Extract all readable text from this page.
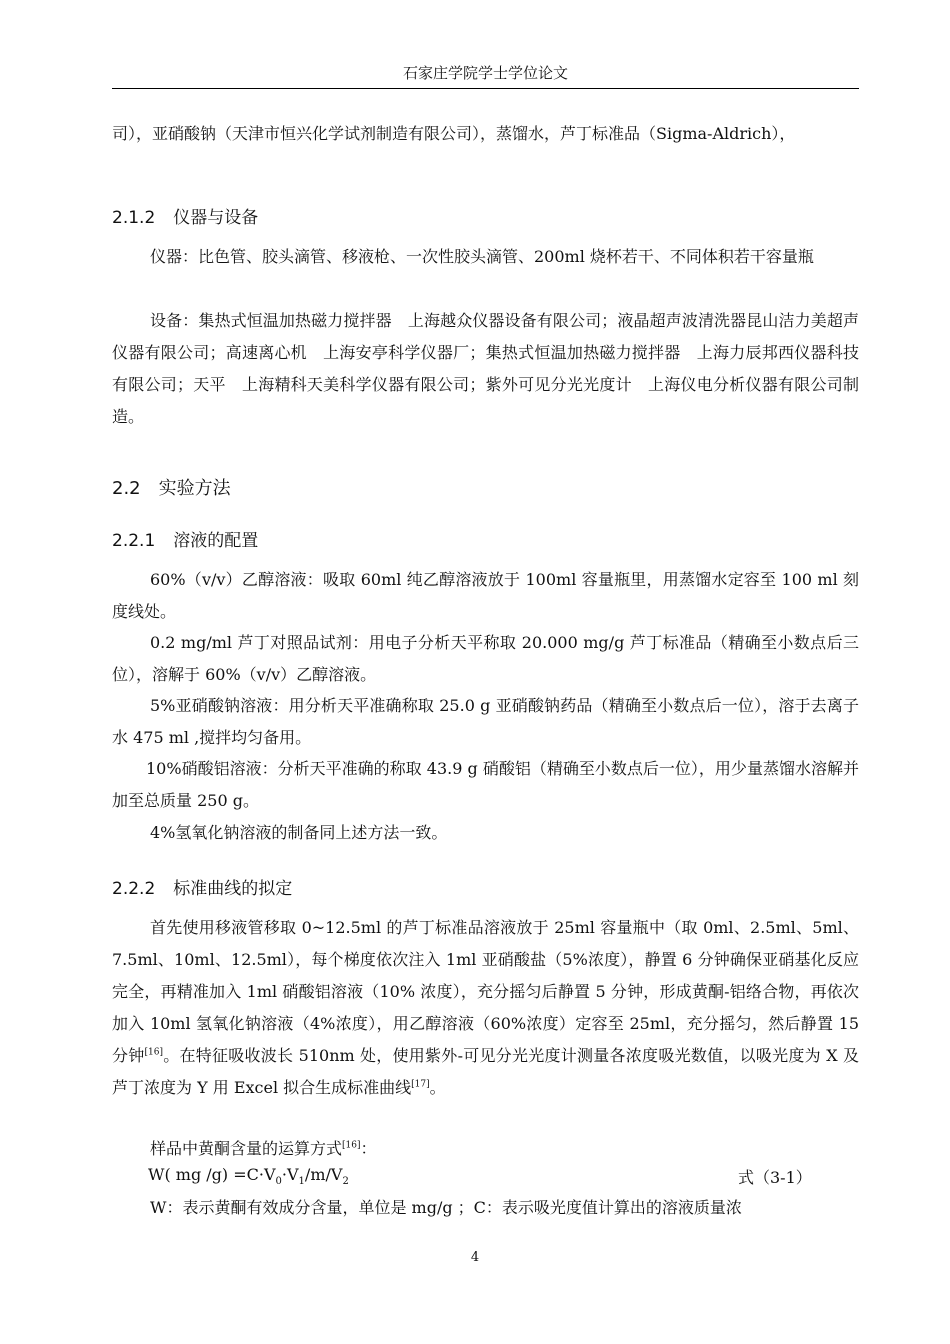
石家庄学院学士学位论文
司），亚硝酸钠（天津市恒兴化学试剂制造有限公司），蒸馏水，芦丁标准品（Sigma-Aldrich），
2.1.2 仪器与设备
仪器：比色管、胶头滴管、移液枪、一次性胶头滴管、200ml 烧杯若干、不同体积若干容量瓶
设备：集热式恒温加热磁力搅拌器　上海越众仪器设备有限公司；液晶超声波清洗器昆山洁力美超声仪器有限公司；高速离心机　上海安亭科学仪器厂；集热式恒温加热磁力搅拌器　上海力辰邦西仪器科技有限公司；天平　上海精科天美科学仪器有限公司；紫外可见分光光度计　上海仪电分析仪器有限公司制造。
2.2 实验方法
2.2.1 溶液的配置
60%（v/v）乙醇溶液：吸取 60ml 纯乙醇溶液放于 100ml 容量瓶里，用蒸馏水定容至 100 ml 刻度线处。
0.2 mg/ml 芦丁对照品试剂：用电子分析天平称取 20.000 mg/g 芦丁标准品（精确至小数点后三位），溶解于 60%（v/v）乙醇溶液。
5%亚硝酸钠溶液：用分析天平准确称取 25.0 g 亚硝酸钠药品（精确至小数点后一位），溶于去离子水 475 ml ,搅拌均匀备用。
10%硝酸铝溶液：分析天平准确的称取 43.9 g 硝酸铝（精确至小数点后一位），用少量蒸馏水溶解并加至总质量 250 g。
4%氢氧化钠溶液的制备同上述方法一致。
2.2.2 标准曲线的拟定
首先使用移液管移取 0~12.5ml 的芦丁标准品溶液放于 25ml 容量瓶中（取 0ml、2.5ml、5ml、7.5ml、10ml、12.5ml），每个梯度依次注入 1ml 亚硝酸盐（5%浓度），静置 6 分钟确保亚硝基化反应完全，再精准加入 1ml 硝酸铝溶液（10% 浓度），充分摇匀后静置 5 分钟，形成黄酮-铝络合物，再依次加入 10ml 氢氧化钠溶液（4%浓度），用乙醇溶液（60%浓度）定容至 25ml，充分摇匀，然后静置 15 分钟[16]。在特征吸收波长 510nm 处，使用紫外-可见分光光度计测量各浓度吸光数值，以吸光度为 X 及芦丁浓度为 Y 用 Excel 拟合生成标准曲线[17]。
样品中黄酮含量的运算方式[16]：
W( mg $/g) =C\cdot V_0\cdot V_1/m/V_2$	式（3-1）
W：表示黄酮有效成分含量，单位是 mg/g ；C：表示吸光度值计算出的溶液质量浓
4
